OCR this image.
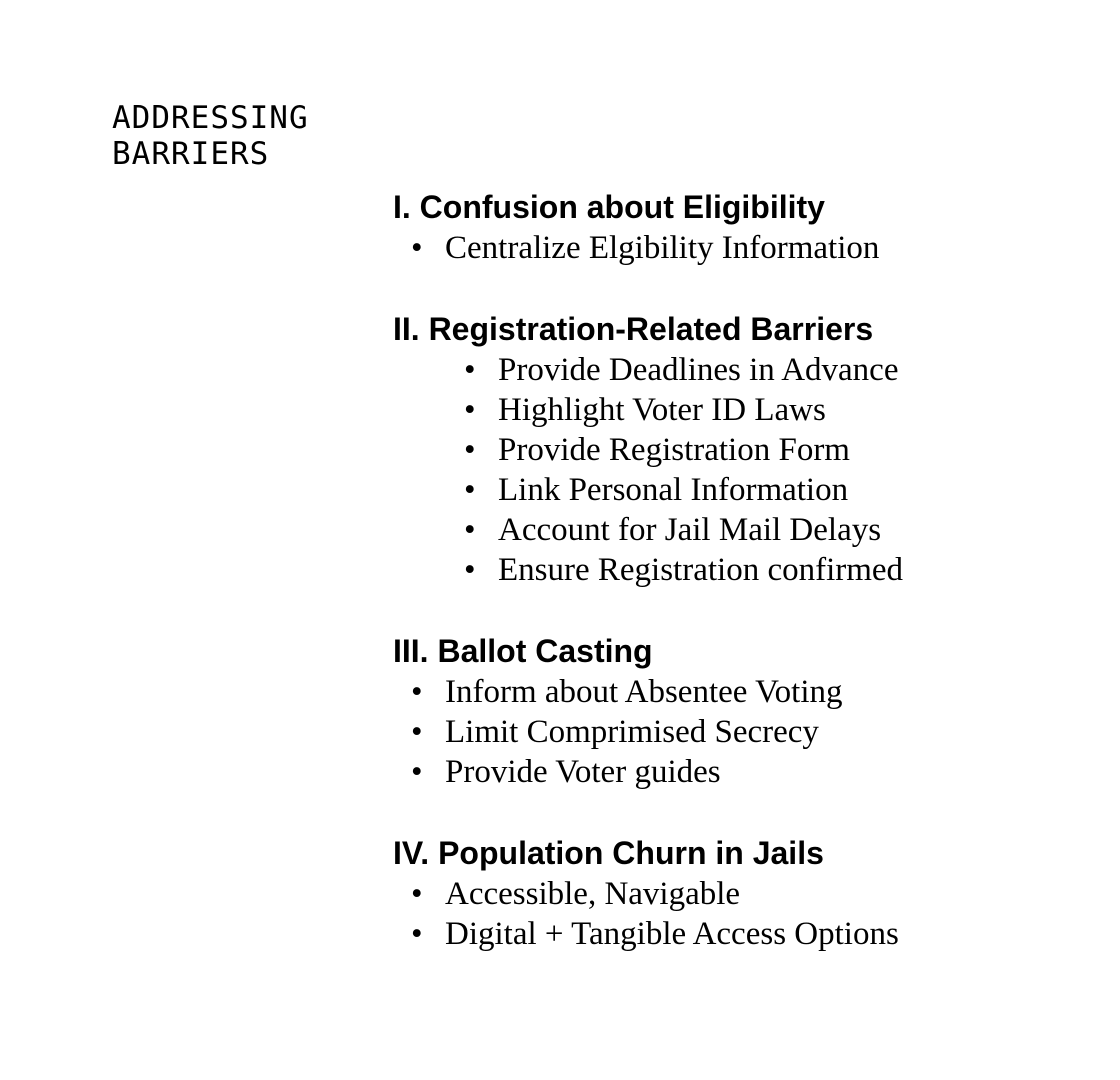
ADDRESSING
BARRIERS
I. Confusion about Eligibility
• Centralize Elgibility Information
II. Registration-Related Barriers
• Provide Deadlines in Advance
• Highlight Voter ID Laws
• Provide Registration Form
• Link Personal Information
• Account for Jail Mail Delays
• Ensure Registration confirmed
III. Ballot Casting
• Inform about Absentee Voting
• Limit Comprimised Secrecy
• Provide Voter guides
IV. Population Churn in Jails
• Accessible, Navigable
• Digital + Tangible Access Options
